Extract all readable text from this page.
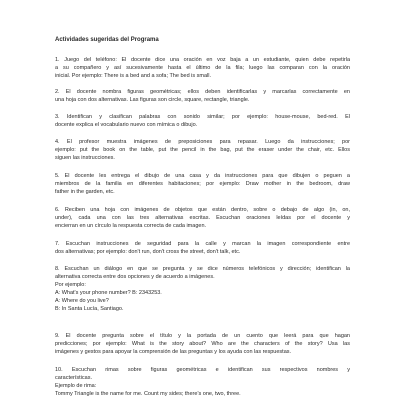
Actividades sugeridas del Programa
1. Juego del teléfono: El docente dice una oración en voz baja a un estudiante, quien debe repetirla
a su compañero y así sucesivamente hasta el último de la fila; luego las comparan con la oración
inicial. Por ejemplo: There is a bed and a sofa; The bed is small.
2. El docente nombra figuras geométricas; ellos deben identificarlas y marcarlas correctamente en
una hoja con dos alternativas. Las figuras son circle, square, rectangle, triangle.
3. Identifican y clasifican palabras con sonido similar; por ejemplo: house-mouse, bed-red. El
docente explica el vocabulario nuevo con mímica o dibujo.
4. El profesor muestra imágenes de preposiciones para repasar. Luego da instrucciones; por
ejemplo: put the book on the table, put the pencil in the bag, put the eraser under the chair, etc. Ellos
siguen las instrucciones.
5. El docente les entrega el dibujo de una casa y da instrucciones para que dibujen o peguen a
miembros de la familia en diferentes habitaciones; por ejemplo: Draw mother in the bedroom, draw
father in the garden, etc.
6. Reciben una hoja con imágenes de objetos que están dentro, sobre o debajo de algo (in, on,
under), cada una con las tres alternativas escritas. Escuchan oraciones leídas por el docente y
encierran en un círculo la respuesta correcta de cada imagen.
7. Escuchan instrucciones de seguridad para la calle y marcan la imagen correspondiente entre
dos alternativas; por ejemplo: don't run, don't cross the street, don't talk, etc.
8. Escuchan un diálogo en que se pregunta y se dice números telefónicos y dirección; identifican la
alternativa correcta entre dos opciones y de acuerdo a imágenes.
Por ejemplo:
A: What's your phone number? B: 2343253.
A: Where do you live?
B: In Santa Lucía, Santiago.
9. El docente pregunta sobre el título y la portada de un cuento que leerá para que hagan
predicciones; por ejemplo: What is the story about? Who are the characters of the story? Usa las
imágenes y gestos para apoyar la comprensión de las preguntas y los ayuda con las respuestas.
10. Escuchan rimas sobre figuras geométricas e identifican sus respectivos nombres y
características.
Ejemplo de rima:
Tommy Triangle is the name for me. Count my sides; there's one, two, three.
